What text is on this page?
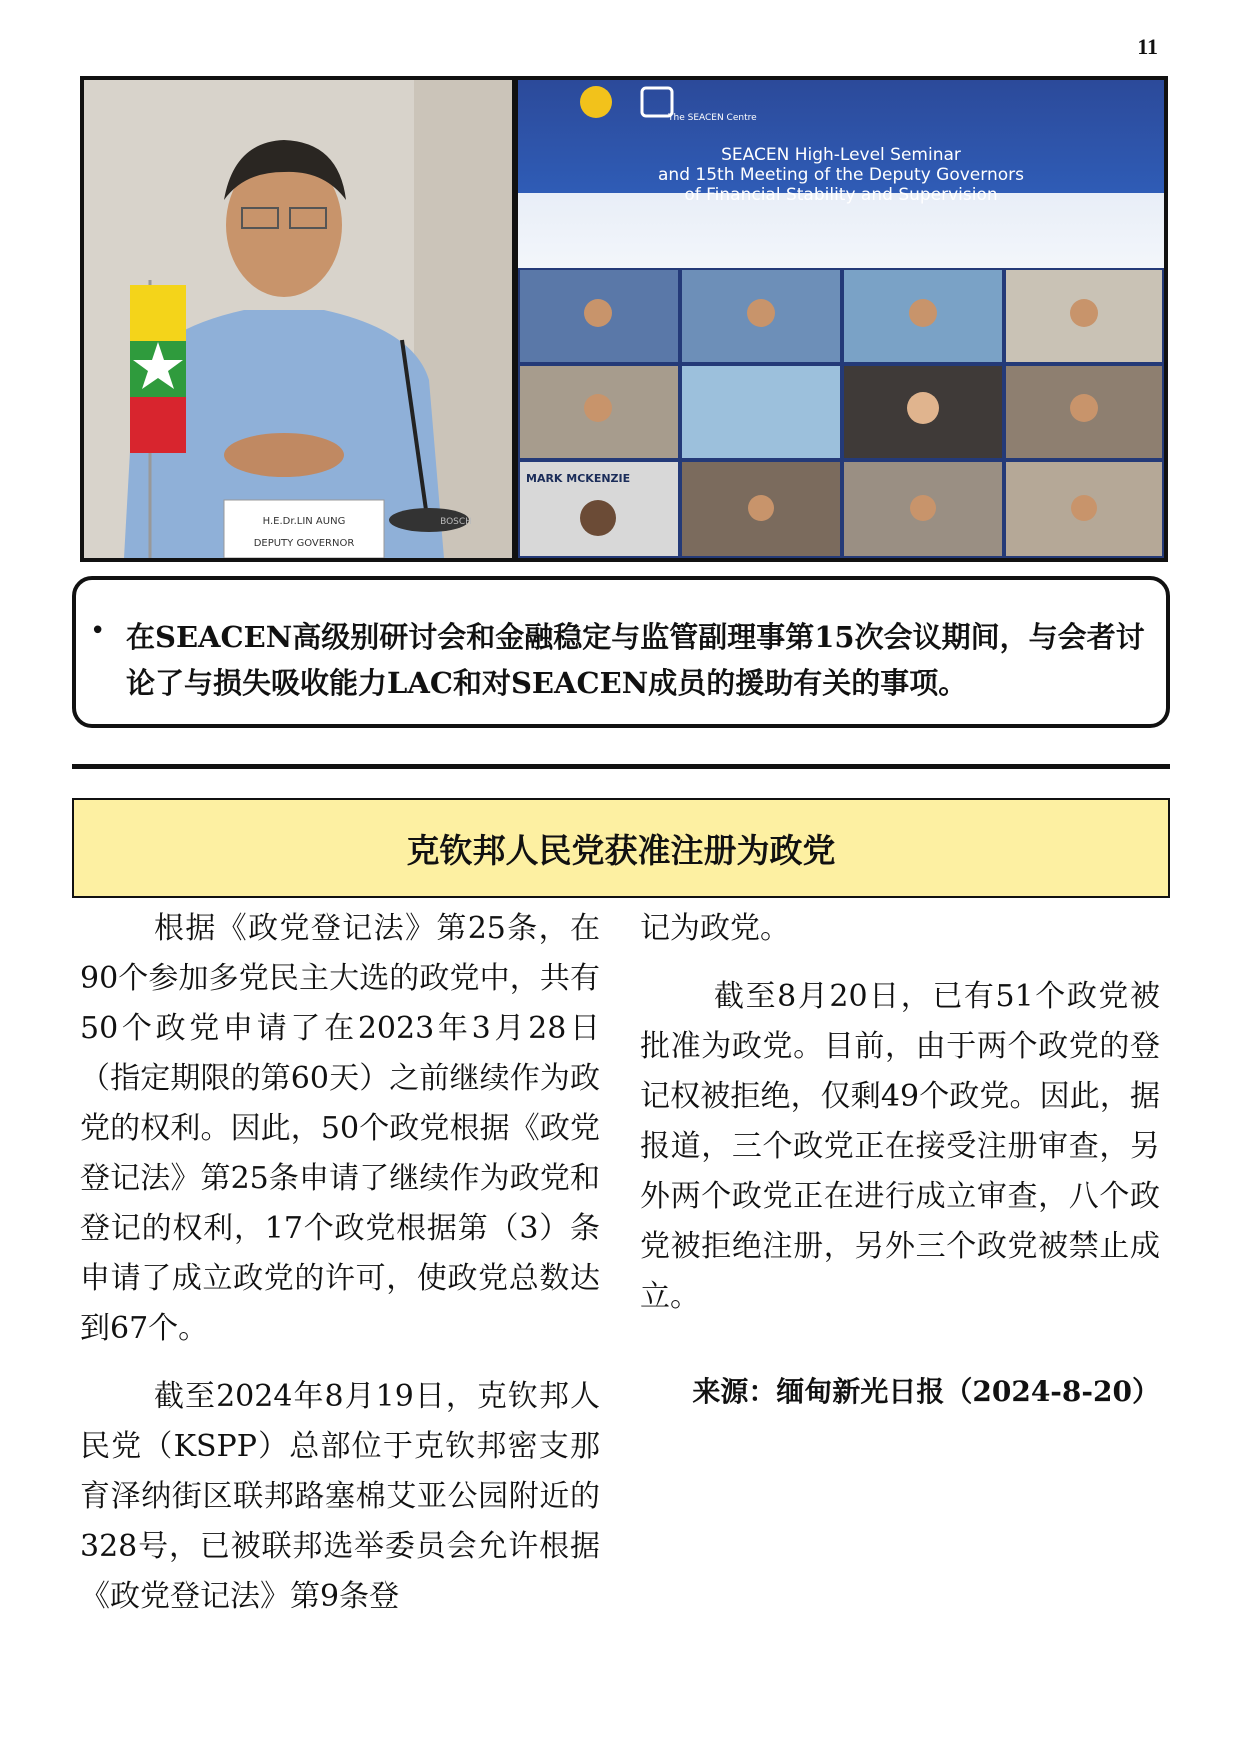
11
H.E.Dr.LIN AUNG
DEPUTY GOVERNOR
BOSCH
The SEACEN Centre
SEACEN High-Level Seminar
and 15th Meeting of the Deputy Governors
of Financial Stability and Supervision
MARK MCKENZIE
• 在SEACEN高级别研讨会和金融稳定与监管副理事第15次会议期间，与会者讨论了与损失吸收能力LAC和对SEACEN成员的援助有关的事项。
克钦邦人民党获准注册为政党

根据《政党登记法》第25条，在90个参加多党民主大选的政党中，共有50个政党申请了在2023年3月28日（指定期限的第60天）之前继续作为政党的权利。因此，50个政党根据《政党登记法》第25条申请了继续作为政党和登记的权利，17个政党根据第（3）条申请了成立政党的许可，使政党总数达到67个。

截至2024年8月19日，克钦邦人民党（KSPP）总部位于克钦邦密支那育泽纳街区联邦路塞棉艾亚公园附近的328号，已被联邦选举委员会允许根据《政党登记法》第9条登

记为政党。

截至8月20日，已有51个政党被批准为政党。目前，由于两个政党的登记权被拒绝，仅剩49个政党。因此，据报道，三个政党正在接受注册审查，另外两个政党正在进行成立审查，八个政党被拒绝注册，另外三个政党被禁止成立。

来源：缅甸新光日报（2024-8-20）
